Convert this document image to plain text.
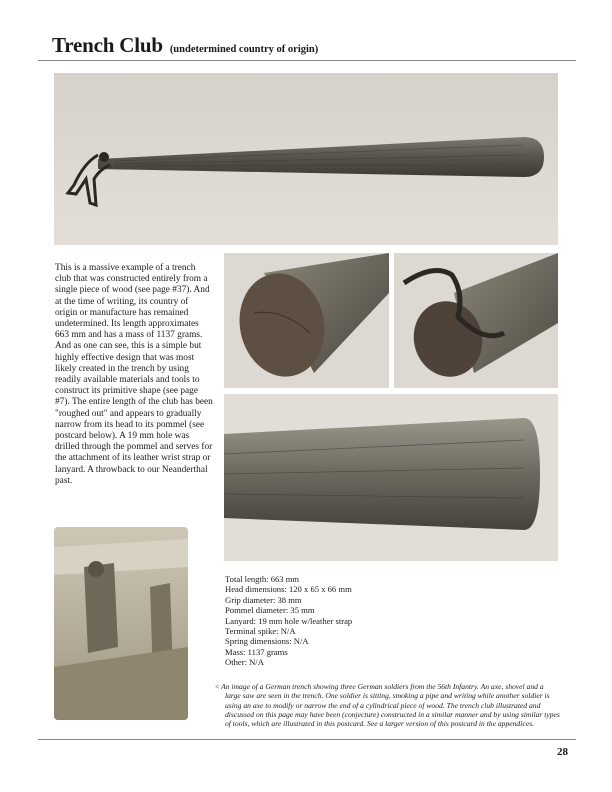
Trench Club (undetermined country of origin)
This is a massive example of a trench club that was constructed entirely from a single piece of wood (see page #37). And at the time of writing, its country of origin or manufacture has remained undetermined. Its length approximates 663 mm and has a mass of 1137 grams. And as one can see, this is a simple but highly effective design that was most likely created in the trench by using readily available materials and tools to construct its primitive shape (see page #7). The entire length of the club has been "roughed out" and appears to gradually narrow from its head to its pommel (see postcard below). A 19 mm hole was drilled through the pommel and serves for the attachment of its leather wrist strap or lanyard. A throwback to our Neanderthal past.
Total length: 663 mm
Head dimensions: 120 x 65 x 66 mm
Grip diameter: 38 mm
Pommel diameter: 35 mm
Lanyard: 19 mm hole w/leather strap
Terminal spike: N/A
Spring dimensions: N/A
Mass: 1137 grams
Other: N/A
< An image of a German trench showing three German soldiers from the 56th Infantry. An axe, shovel and a large saw are seen in the trench. One soldier is sitting, smoking a pipe and writing while another soldier is using an axe to modify or narrow the end of a cylindrical piece of wood. The trench club illustrated and discussed on this page may have been (conjecture) constructed in a similar manner and by using similar types of tools, which are illustrated in this postcard. See a larger version of this postcard in the appendices.
28
